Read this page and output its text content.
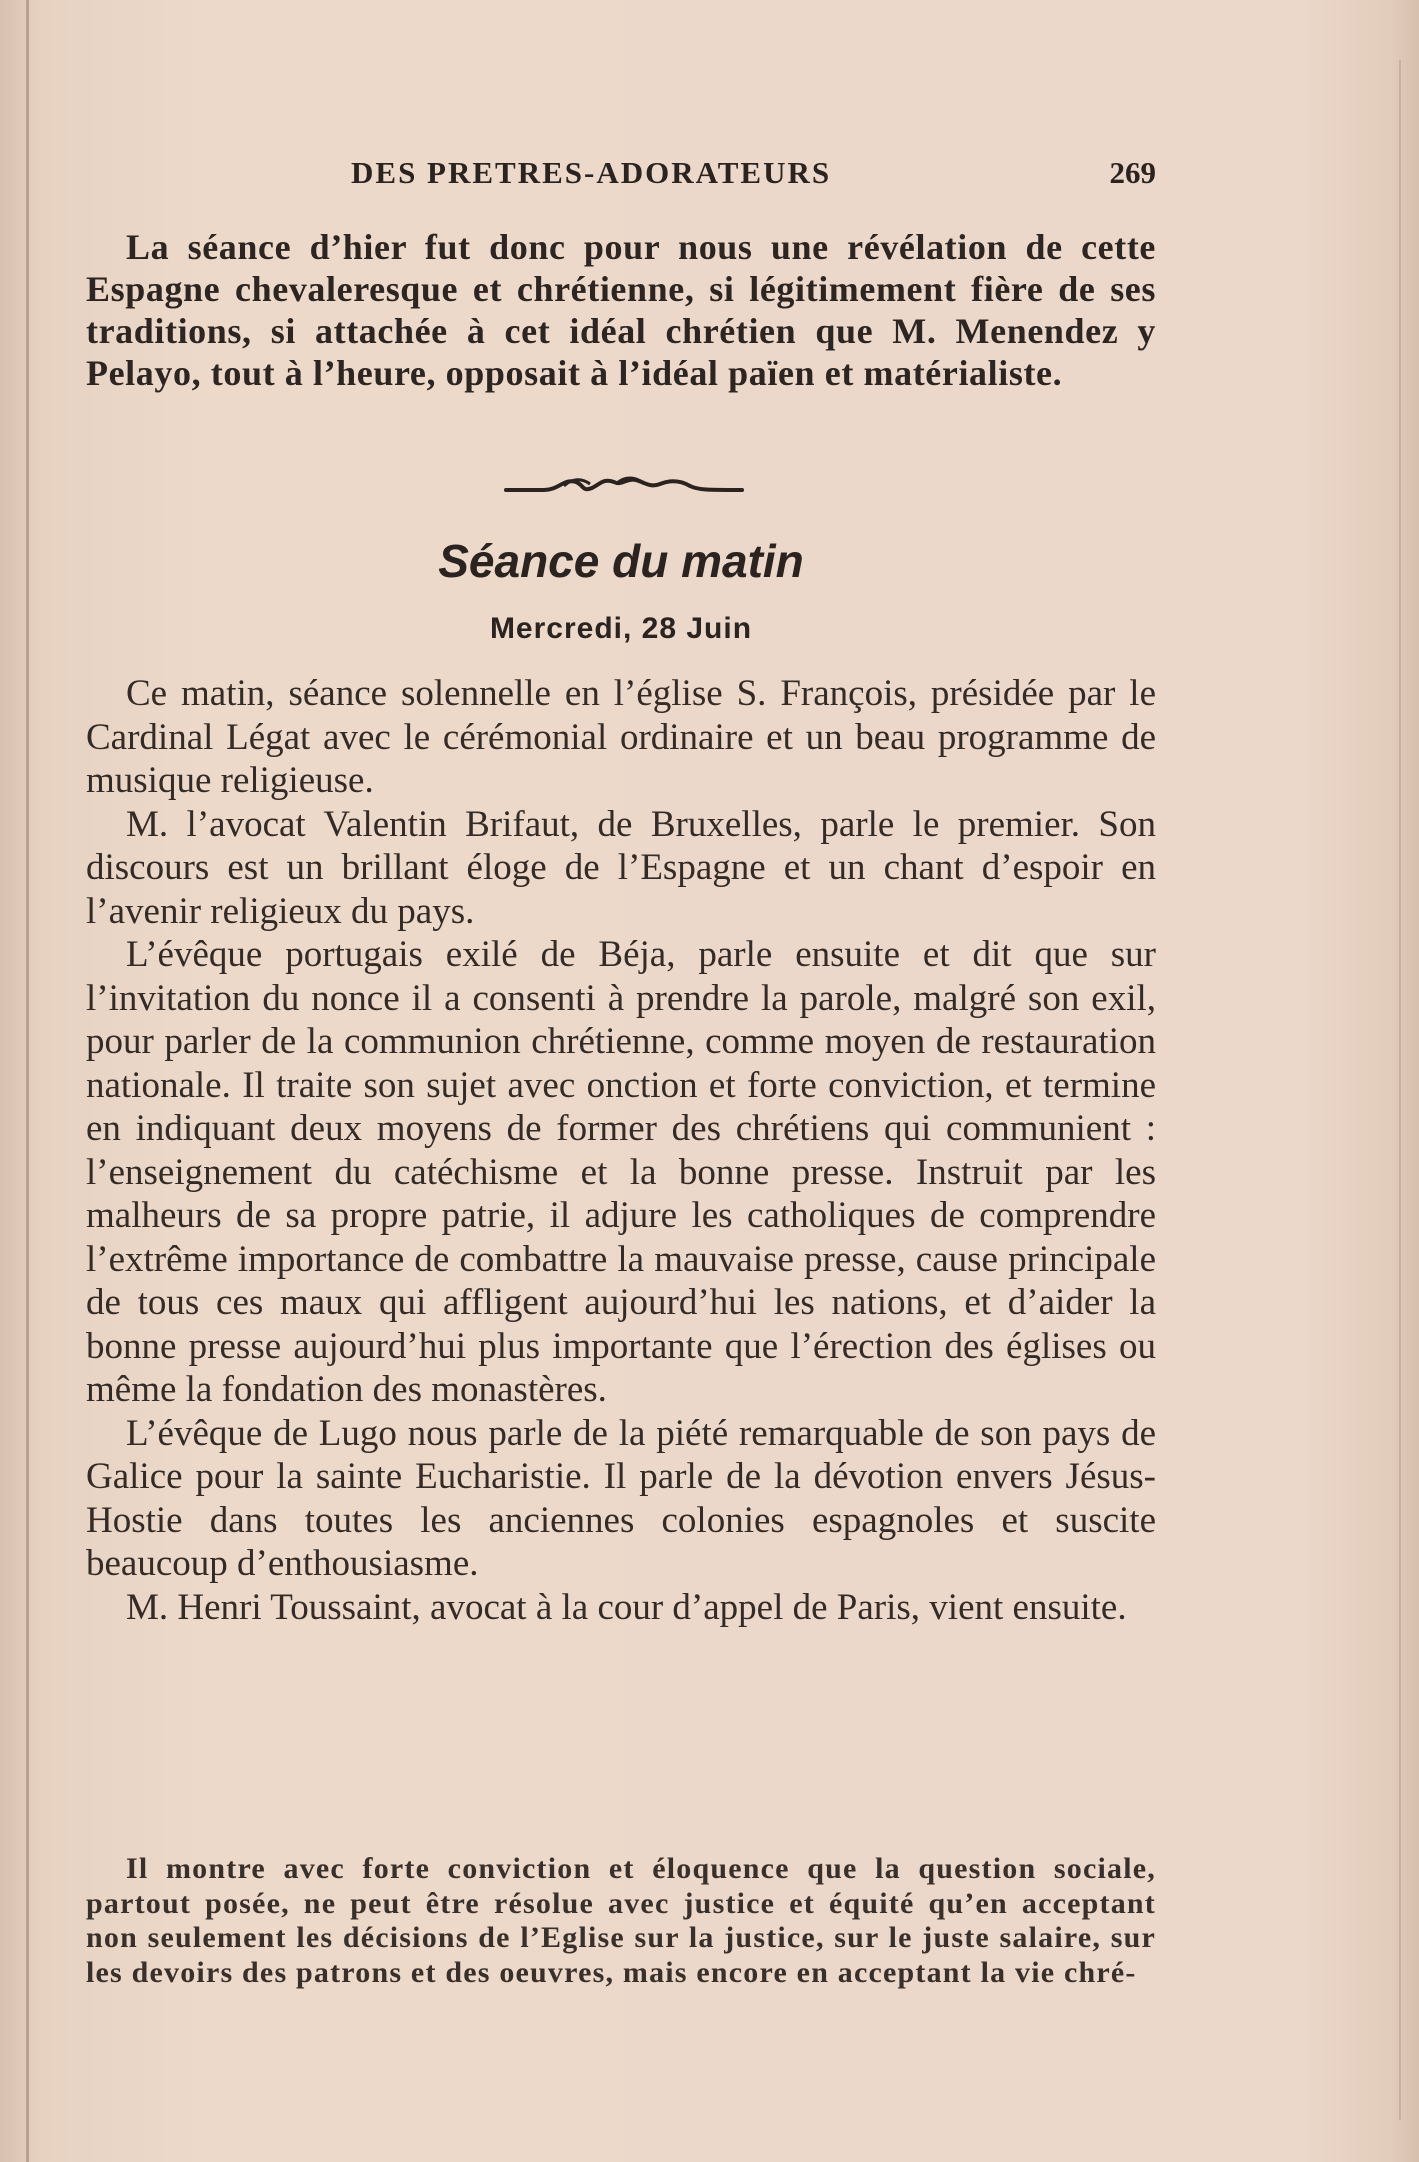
DES PRETRES-ADORATEURS	269

La séance d’hier fut donc pour nous une révélation de cette Espagne chevaleresque et chrétienne, si légitimement fière de ses traditions, si attachée à cet idéal chrétien que M. Menendez y Pelayo, tout à l’heure, opposait à l’idéal païen et matérialiste.

Séance du matin
Mercredi, 28 Juin

Ce matin, séance solennelle en l’église S. François, présidée par le Cardinal Légat avec le cérémonial ordinaire et un beau programme de musique religieuse.

M. l’avocat Valentin Brifaut, de Bruxelles, parle le premier. Son discours est un brillant éloge de l’Espagne et un chant d’espoir en l’avenir religieux du pays.

L’évêque portugais exilé de Béja, parle ensuite et dit que sur l’invitation du nonce il a consenti à prendre la parole, malgré son exil, pour parler de la communion chrétienne, comme moyen de restauration nationale. Il traite son sujet avec onction et forte conviction, et termine en indiquant deux moyens de former des chrétiens qui communient : l’enseignement du catéchisme et la bonne presse. Instruit par les malheurs de sa propre patrie, il adjure les catholiques de comprendre l’extrême importance de combattre la mauvaise presse, cause principale de tous ces maux qui affligent aujourd’hui les nations, et d’aider la bonne presse aujourd’hui plus importante que l’érection des églises ou même la fondation des monastères.

L’évêque de Lugo nous parle de la piété remarquable de son pays de Galice pour la sainte Eucharistie. Il parle de la dévotion envers Jésus-Hostie dans toutes les anciennes colonies espagnoles et suscite beaucoup d’enthousiasme.

M. Henri Toussaint, avocat à la cour d’appel de Paris, vient ensuite.

Il montre avec forte conviction et éloquence que la question sociale, partout posée, ne peut être résolue avec justice et équité qu’en acceptant non seulement les décisions de l’Eglise sur la justice, sur le juste salaire, sur les devoirs des patrons et des oeuvres, mais encore en acceptant la vie chré-
